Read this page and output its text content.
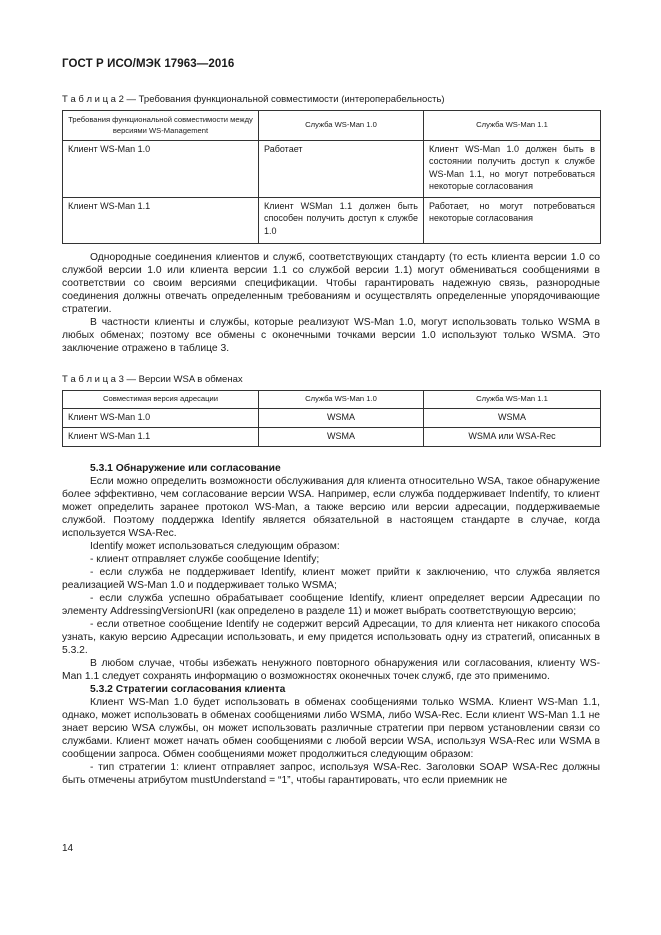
ГОСТ Р ИСО/МЭК 17963—2016
Т а б л и ц а 2 — Требования функциональной совместимости (интероперабельность)
Требования функциональной совместимости между версиями WS-Management	Служба WS-Man 1.0	Служба WS-Man 1.1
Клиент WS-Man 1.0	Работает	Клиент WS-Man 1.0 должен быть в состоянии получить доступ к службе WS-Man 1.1, но могут потребоваться некоторые согласования
Клиент WS-Man 1.1	Клиент WSMan 1.1 должен быть способен получить доступ к службе 1.0	Работает, но могут потребоваться некоторые согласования

Однородные соединения клиентов и служб, соответствующих стандарту (то есть клиента версии 1.0 со службой версии 1.0 или клиента версии 1.1 со службой версии 1.1) могут обмениваться сообщениями в соответствии со своим версиями спецификации. Чтобы гарантировать надежную связь, разнородные соединения должны отвечать определенным требованиям и осуществлять определенные упорядочивающие стратегии.

В частности клиенты и службы, которые реализуют WS-Man 1.0, могут использовать только WSMA в любых обменах; поэтому все обмены с оконечными точками версии 1.0 используют только WSMA. Это заключение отражено в таблице 3.

Т а б л и ц а 3 — Версии WSA в обменах
Совместимая версия адресации	Служба WS-Man 1.0	Служба WS-Man 1.1
Клиент WS-Man 1.0	WSMA	WSMA
Клиент WS-Man 1.1	WSMA	WSMA или WSA-Rec

5.3.1 Обнаружение или согласование

Если можно определить возможности обслуживания для клиента относительно WSA, такое обнаружение более эффективно, чем согласование версии WSA. Например, если служба поддерживает Indentify, то клиент может определить заранее протокол WS-Man, а также версию или версии адресации, поддерживаемые службой. Поэтому поддержка Identify является обязательной в настоящем стандарте в случае, когда используется WSA-Rec.

Identify может использоваться следующим образом:

- клиент отправляет службе сообщение Identify;

- если служба не поддерживает Identify, клиент может прийти к заключению, что служба является реализацией WS-Man 1.0 и поддерживает только WSMA;

- если служба успешно обрабатывает сообщение Identify, клиент определяет версии Адресации по элементу AddressingVersionURI (как определено в разделе 11) и может выбрать соответствующую версию;

- если ответное сообщение Identify не содержит версий Адресации, то для клиента нет никакого способа узнать, какую версию Адресации использовать, и ему придется использовать одну из стратегий, описанных в 5.3.2.

В любом случае, чтобы избежать ненужного повторного обнаружения или согласования, клиенту WS-Man 1.1 следует сохранять информацию о возможностях оконечных точек служб, где это применимо.

5.3.2 Стратегии согласования клиента

Клиент WS-Man 1.0 будет использовать в обменах сообщениями только WSMA. Клиент WS-Man 1.1, однако, может использовать в обменах сообщениями либо WSMA, либо WSA-Rec. Если клиент WS-Man 1.1 не знает версию WSA службы, он может использовать различные стратегии при первом установлении связи со службами. Клиент может начать обмен сообщениями с любой версии WSA, используя WSA-Rec или WSMA в сообщении запроса. Обмен сообщениями может продолжиться следующим образом:

- тип стратегии 1: клиент отправляет запрос, используя WSA-Rec. Заголовки SOAP WSA-Rec должны быть отмечены атрибутом mustUnderstand = “1”, чтобы гарантировать, что если приемник не

14
